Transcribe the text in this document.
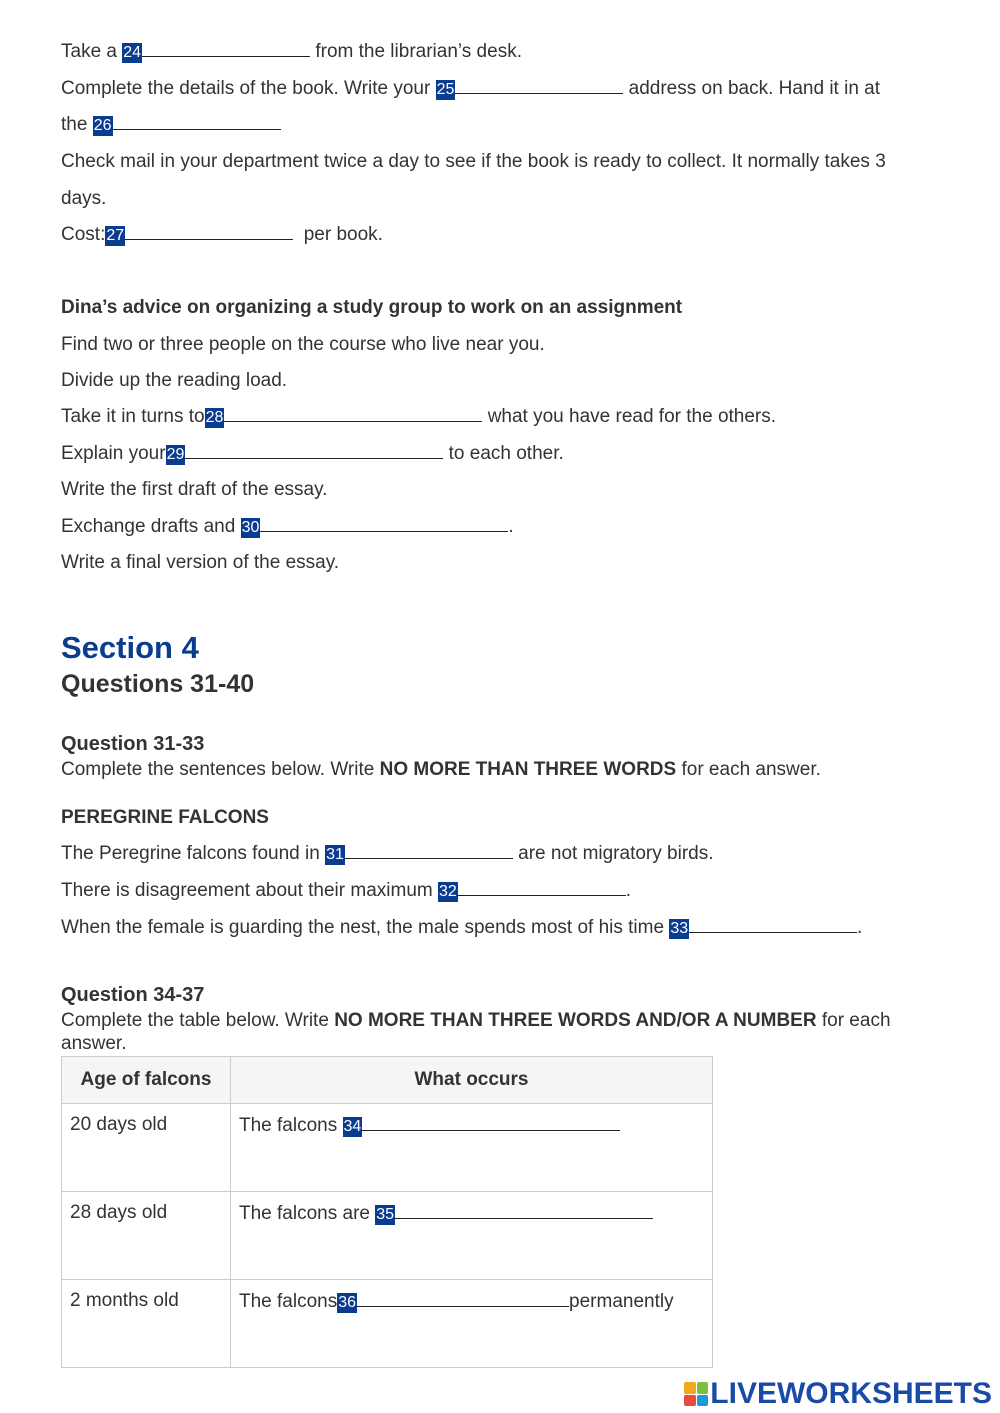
Take a 24	from the librarian’s desk.
Complete the details of the book. Write your 25	address on back. Hand it in at
the 26
Check mail in your department twice a day to see if the book is ready to collect. It normally takes 3
days.
Cost:27	per book.
Dina’s advice on organizing a study group to work on an assignment
Find two or three people on the course who live near you.
Divide up the reading load.
Take it in turns to28	what you have read for the others.
Explain your29	to each other.
Write the first draft of the essay.
Exchange drafts and 30	.
Write a final version of the essay.
Section 4
Questions 31-40
Question 31-33
Complete the sentences below. Write NO MORE THAN THREE WORDS for each answer.
PEREGRINE FALCONS
The Peregrine falcons found in 31	are not migratory birds.
There is disagreement about their maximum 32	.
When the female is guarding the nest, the male spends most of his time 33	.
Question 34-37
Complete the table below. Write NO MORE THAN THREE WORDS AND/OR A NUMBER for each
answer.
Age of falcons	What occurs
20 days old	The falcons 34
28 days old	The falcons are 35
2 months old	The falcons36 permanently
LIVEWORKSHEETS
